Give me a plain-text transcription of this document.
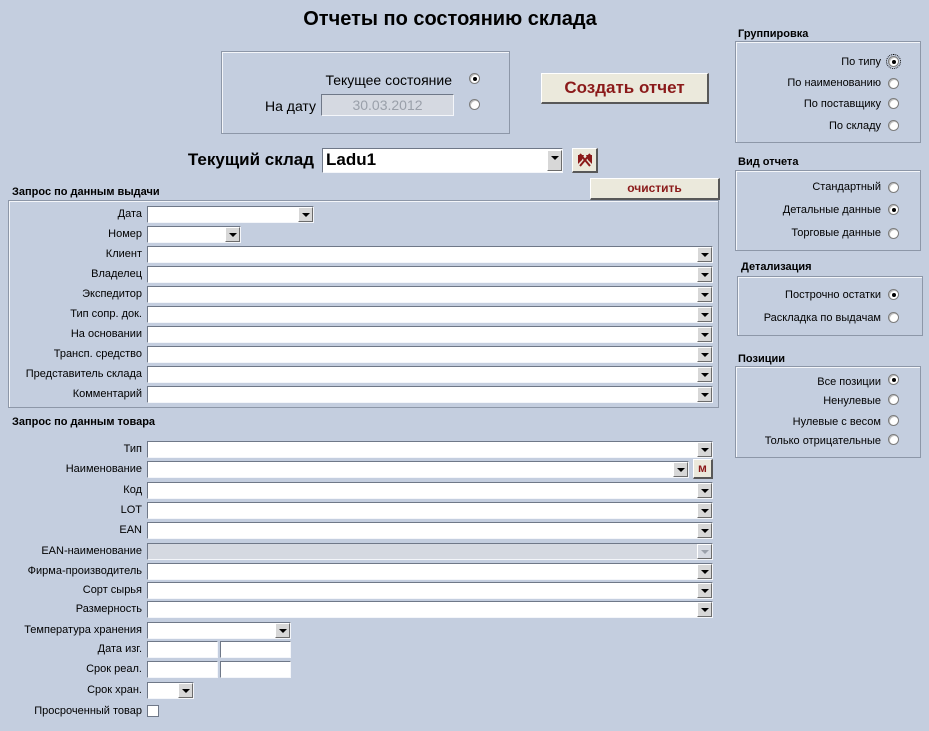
Отчеты по состоянию склада
Текущее состояние
На дату	30.03.2012
Создать отчет
Текущий склад Ladu1
очистить
Запрос по данным выдачи
Дата
Номер
Клиент
Владелец
Экспедитор
Тип сопр. док.
На основании
Трансп. средство
Представитель склада
Комментарий
Запрос по данным товара
Тип
Наименование	м
Код
LOT
EAN
EAN-наименование
Фирма-производитель
Сорт сырья
Размерность
Температура хранения
Дата изг.
Срок реал.
Срок хран.
Просроченный товар
Группировка
По типу
По наименованию
По поставщику
По складу
Вид отчета
Стандартный
Детальные данные
Торговые данные
Детализация
Построчно остатки
Раскладка по выдачам
Позиции
Все позиции
Ненулевые
Нулевые с весом
Только отрицательные
